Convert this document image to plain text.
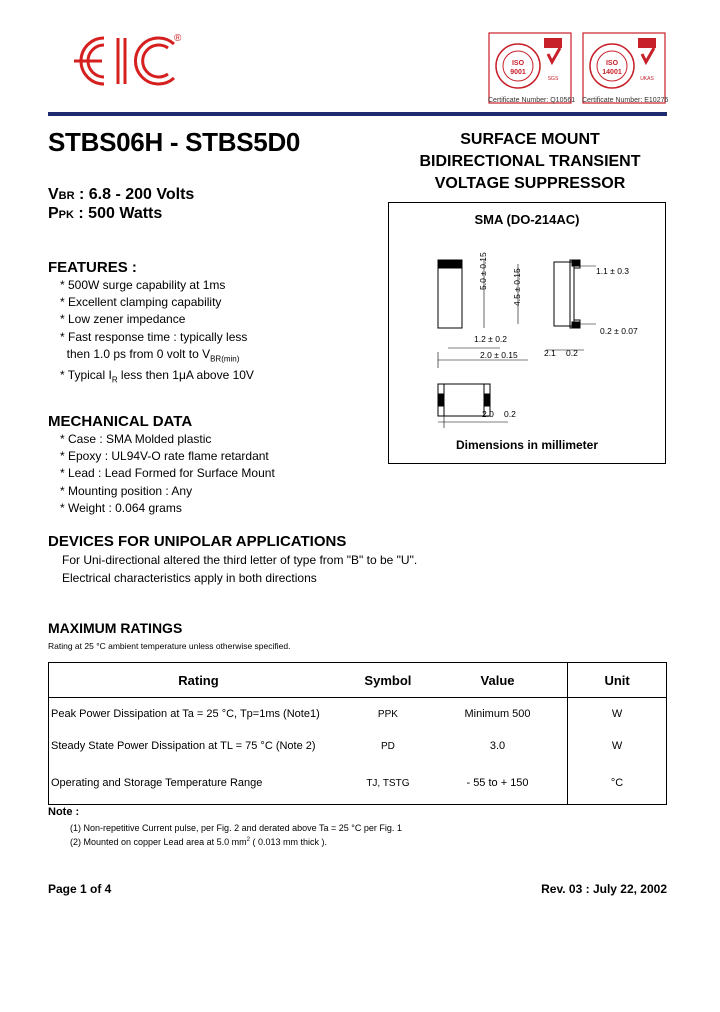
®
ISO
9001
SGS
Certificate Number: Q10561
ISO
14001
UKAS
Certificate Number: E10276
STBS06H - STBS5D0	SURFACE MOUNT
BIDIRECTIONAL TRANSIENT
VOLTAGE SUPPRESSOR
VBR : 6.8 - 200 Volts
PPK : 500 Watts
FEATURES :
* 500W surge capability at 1ms
* Excellent clamping capability
* Low zener impedance
* Fast response time : typically less
then 1.0 ps from 0 volt to $V_{BR(min)}$
* Typical $I_R$ less then 1μA above 10V
SMA (DO-214AC)
5.0 ± 0.15	4.5 ± 0.15
1.2 ± 0.2
2.0 ± 0.15
1.1 ± 0.3
0.2 ± 0.07
2.1 0.2
2.0 0.2
Dimensions in millimeter
MECHANICAL DATA
* Case : SMA Molded plastic
* Epoxy : UL94V-O rate flame retardant
* Lead : Lead Formed for Surface Mount
* Mounting position : Any
* Weight : 0.064 grams
DEVICES FOR UNIPOLAR APPLICATIONS
For Uni-directional altered the third letter of type from "B" to be "U".
Electrical characteristics apply in both directions
MAXIMUM RATINGS
Rating at 25 °C ambient temperature unless otherwise specified.
Rating	Symbol	Value	Unit
Peak Power Dissipation at Ta = 25 °C, Tp=1ms (Note1)	PPK	Minimum 500	W
Steady State Power Dissipation at TL = 75 °C (Note 2)	PD	3.0	W
Operating and Storage Temperature Range	TJ, TSTG	- 55 to + 150	°C
Note :
(1) Non-repetitive Current pulse, per Fig. 2 and derated above Ta = 25 °C per Fig. 1
(2) Mounted on copper Lead area at 5.0 $mm^2$ ( 0.013 mm thick ).
Page 1 of 4	Rev. 03 : July 22, 2002
